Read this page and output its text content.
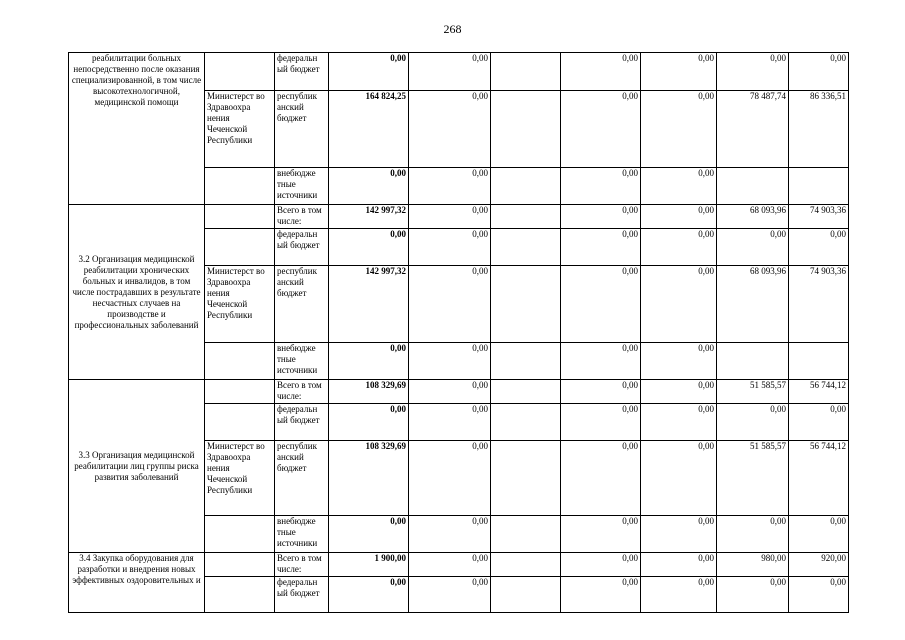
268
реабилитации больных непосредственно после оказания специализированной, в том числе высокотехнологичной, медицинской помощи		федеральн ый бюджет	0,00	0,00		0,00	0,00	0,00	0,00
	Министерст во Здравоохра нения Чеченской Республики	республик анский бюджет	164 824,25	0,00		0,00	0,00	78 487,74	86 336,51
		внебюдже тные источники	0,00	0,00		0,00	0,00		
3.2 Организация медицинской реабилитации хронических больных и инвалидов, в том числе пострадавших в результате несчастных случаев на производстве и профессиональных заболеваний		Всего в том числе:	142 997,32	0,00		0,00	0,00	68 093,96	74 903,36
		федеральн ый бюджет	0,00	0,00		0,00	0,00	0,00	0,00
	Министерст во Здравоохра нения Чеченской Республики	республик анский бюджет	142 997,32	0,00		0,00	0,00	68 093,96	74 903,36
		внебюдже тные источники	0,00	0,00		0,00	0,00		
3.3 Организация медицинской реабилитации лиц группы риска развития заболеваний		Всего в том числе:	108 329,69	0,00		0,00	0,00	51 585,57	56 744,12
		федеральн ый бюджет	0,00	0,00		0,00	0,00	0,00	0,00
	Министерст во Здравоохра нения Чеченской Республики	республик анский бюджет	108 329,69	0,00		0,00	0,00	51 585,57	56 744,12
		внебюдже тные источники	0,00	0,00		0,00	0,00	0,00	0,00
3.4 Закупка оборудования для разработки и внедрения новых эффективных оздоровительных и		Всего в том числе:	1 900,00	0,00		0,00	0,00	980,00	920,00
		федеральн ый бюджет	0,00	0,00		0,00	0,00	0,00	0,00
